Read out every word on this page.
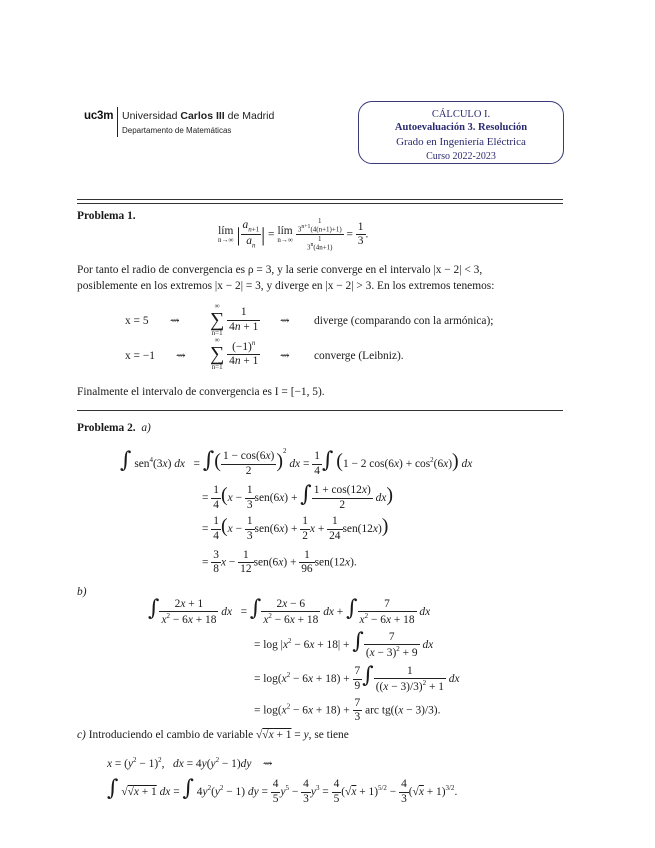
uc3m Universidad Carlos III de Madrid
Departamento de Matemáticas
CÁLCULO I.
Autoevaluación 3. Resolución
Grado en Ingeniería Eléctrica
Curso 2022-2023
Problema 1.
lím
n→∞ | $\frac{a_{n+1}}{a_n}$ | = lím
n→∞
1
$3^{n+1}(4(n+1)+1)$
1
$3^n(4n+1)$
= $\frac{1}{3}$ .
Por tanto el radio de convergencia es ρ = 3, y la serie converge en el intervalo |x − 2| < 3,
posiblemente en los extremos |x − 2| = 3, y diverge en |x − 2| > 3. En los extremos tenemos:
x = 5 ⇝
∞
∑
n=1

$\frac{1}{4n + 1}$ ⇝ diverge (comparando con la armónica);
x = −1 ⇝
∞
∑
n=1
$\frac{(-1)^n}{4n + 1}$ ⇝ converge (Leibniz).
Finalmente el intervalo de convergencia es I = [−1, 5).
Problema 2. a)
∫ sen$^4$(3x) dx   = ∫( $\frac{1 - \cos(6x)}{2} )^2$ dx = $\frac{1}{4}$ ∫ (1 − 2 $\cos(6x) + \cos^2(6x)$) dx
= $\frac{1}{4} (x - \frac{1}{3} sen(6x)$ + ∫ $\frac{1 + \cos(12x)}{2} dx$)
= $\frac{1}{4} (x - \frac{1}{3} sen(6x) + \frac{1}{2}$ $x + \frac{1}{24} sen(12x)$)
= $\frac{3}{8}$ $x - \frac{1}{12} sen(6x) + \frac{1}{96} sen(12x)$.
b)
∫ $\frac{2x + 1}{x^2 - 6x + 18}$ dx   = ∫ $\frac{2x - 6}{x^2 - 6x + 18}$ dx + ∫ $\frac{7}{x^2 - 6x + 18}$ dx
= $\log |x^2 - 6x + 18|$ + ∫ $\frac{7}{(x - 3)^2 + 9}$ dx
= $\log(x^2 - 6x + 18) + \frac{7}{9}$ ∫ $\frac{1}{((x - 3)/3)^2 + 1}$ dx
= $\log(x^2 - 6x + 18) + \frac{7}{3}$ arc tg((x − 3)/3).
c) Introduciendo el cambio de variable √√x + 1 = y, se tiene
$x = (y^2 - 1)^2$,   dx = $4y(y^2 - 1)dy$    ⇝
∫ √√x + 1 dx = ∫ $4y^2(y^2 - 1)$ dy = $\frac{4}{5} y^5 - \frac{4}{3} y^3 = \frac{4}{5} (√x + 1)^{5/2} - \frac{4}{3} (√x + 1)^{3/2}$.
